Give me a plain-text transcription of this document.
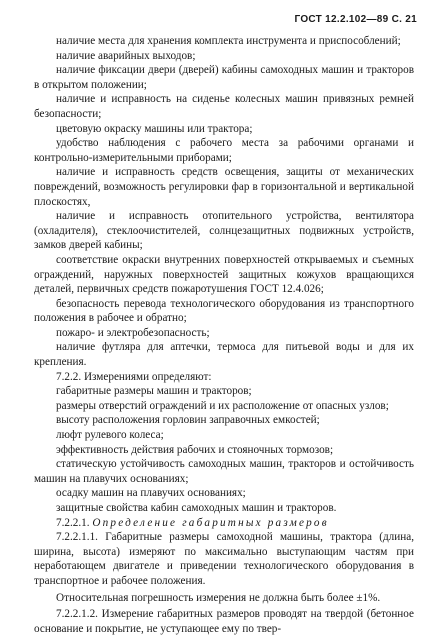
ГОСТ 12.2.102—89 С. 21

наличие места для хранения комплекта инструмента и приспособлений;

наличие аварийных выходов;

наличие фиксации двери (дверей) кабины самоходных машин и тракторов в открытом положении;

наличие и исправность на сиденье колесных машин привязных ремней безопасности;

цветовую окраску машины или трактора;

удобство наблюдения с рабочего места за рабочими органами и контрольно-измерительными приборами;

наличие и исправность средств освещения, защиты от механических повреждений, возможность регулировки фар в горизонтальной и вертикальной плоскостях,

наличие и исправность отопительного устройства, вентилятора (охладителя), стеклоочистителей, солнцезащитных подвижных устройств, замков дверей кабины;

соответствие окраски внутренних поверхностей открываемых и съемных ограждений, наружных поверхностей защитных кожухов вращающихся деталей, первичных средств пожаротушения ГОСТ 12.4.026;

безопасность перевода технологического оборудования из транспортного положения в рабочее и обратно;

пожаро- и электробезопасность;

наличие футляра для аптечки, термоса для питьевой воды и для их крепления.

7.2.2. Измерениями определяют:

габаритные размеры машин и тракторов;

размеры отверстий ограждений и их расположение от опасных узлов;

высоту расположения горловин заправочных емкостей;

люфт рулевого колеса;

эффективность действия рабочих и стояночных тормозов;

статическую устойчивость самоходных машин, тракторов и остойчивость машин на плавучих основаниях;

осадку машин на плавучих основаниях;

защитные свойства кабин самоходных машин и тракторов.

7.2.2.1. Определение габаритных размеров

7.2.2.1.1. Габаритные размеры самоходной машины, трактора (длина, ширина, высота) измеряют по максимально выступающим частям при неработающем двигателе и приведении технологического оборудования в транспортное и рабочее положения.

Относительная погрешность измерения не должна быть более ±1%.

7.2.2.1.2. Измерение габаритных размеров проводят на твердой (бетонное основание и покрытие, не уступающее ему по твер-
